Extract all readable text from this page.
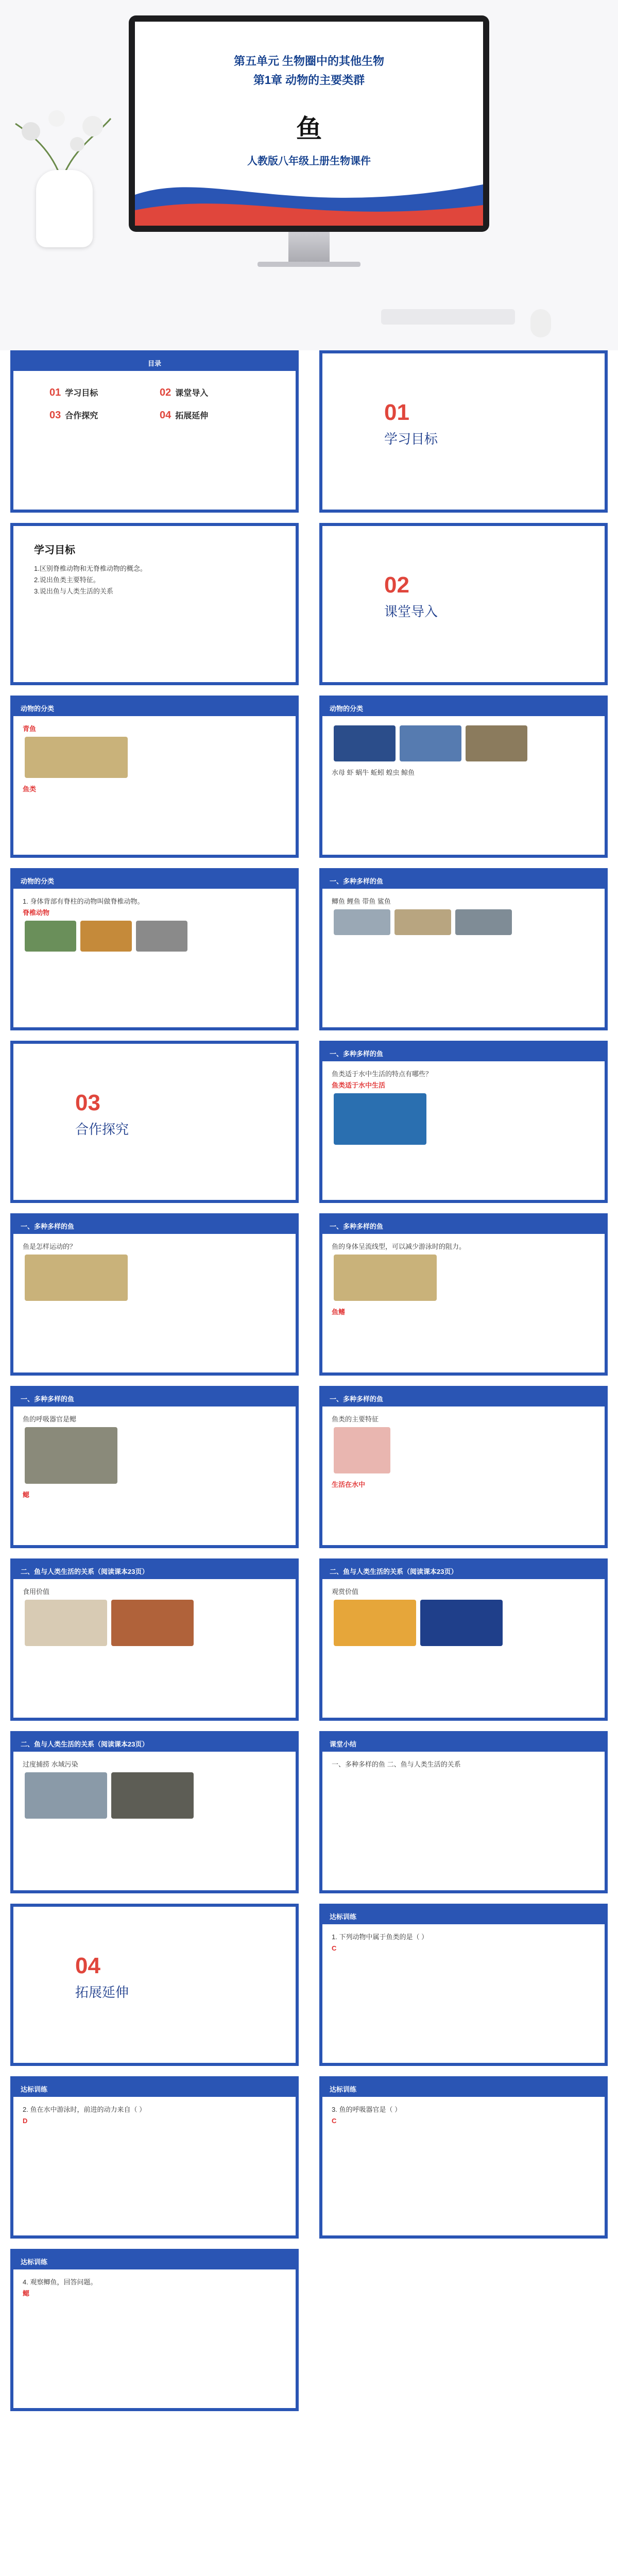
第五单元 生物圈中的其他生物
第1章 动物的主要类群
鱼
人教版八年级上册生物课件
目录
01 学习目标	02 课堂导入
03 合作探究	04 拓展延伸	01
学习目标
学习目标
1.区别脊椎动物和无脊椎动物的概念。
2.说出鱼类主要特征。
3.说出鱼与人类生活的关系	02
课堂导入
动物的分类
青鱼
鱼类
动物的分类
水母 虾 蜗牛 蚯蚓 蝗虫 鲸鱼
动物的分类
1. 身体背部有脊柱的动物叫做脊椎动物。
脊椎动物
一、多种多样的鱼
鲫鱼 鲤鱼 带鱼 鲨鱼
03
合作探究
一、多种多样的鱼
鱼类适于水中生活的特点有哪些？
鱼类适于水中生活
一、多种多样的鱼
鱼是怎样运动的？
一、多种多样的鱼
鱼的身体呈流线型，可以减少游泳时的阻力。
鱼鳍
一、多种多样的鱼
鱼的呼吸器官是鳃
鳃
一、多种多样的鱼
鱼类的主要特征
生活在水中
二、鱼与人类生活的关系（阅读课本23页）
食用价值
二、鱼与人类生活的关系（阅读课本23页）
观赏价值
二、鱼与人类生活的关系（阅读课本23页）
过度捕捞 水域污染
课堂小结
一、多种多样的鱼 二、鱼与人类生活的关系
04
拓展延伸
达标训练
1. 下列动物中属于鱼类的是（ ）
C
达标训练
2. 鱼在水中游泳时，前进的动力来自（ ）
D
达标训练
3. 鱼的呼吸器官是（ ）
C
达标训练
4. 观察鲫鱼，回答问题。
鳃
